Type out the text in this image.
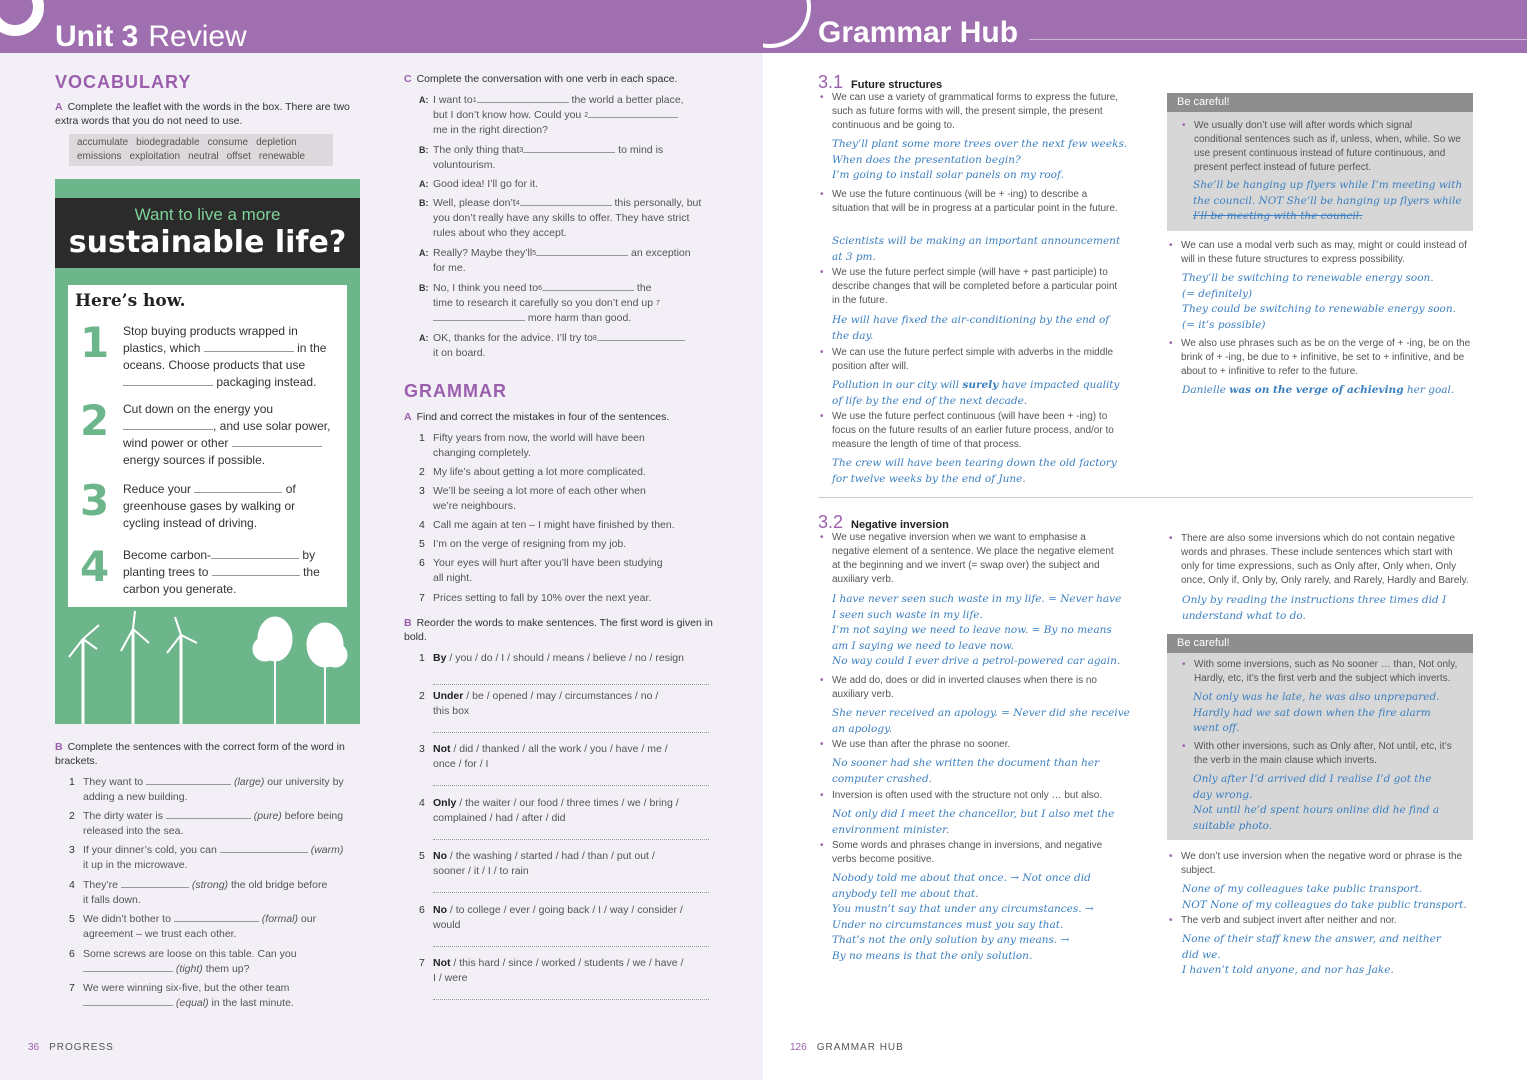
Unit 3 Review
VOCABULARY
A Complete the leaflet with the words in the box. There are two extra words that you do not need to use.
accumulate biodegradable consume depletion
emissions exploitation neutral offset renewable
Want to live a more
sustainable life?
Here’s how.
1 Stop buying products wrapped in
plastics, which	in the
oceans. Choose products that use
packaging instead.
2 Cut down on the energy you
, and use solar power,
wind power or other
energy sources if possible.
3 Reduce your	of
greenhouse gases by walking or
cycling instead of driving.
4 Become carbon-	by
planting trees to	the
carbon you generate.
B Complete the sentences with the correct form of the word in brackets.
C Complete the conversation with one verb in each space.
GRAMMAR
A Find and correct the mistakes in four of the sentences.
B Reorder the words to make sentences. The first word is given in bold.
36 PROGRESS
1 They want to	(large) our university by
adding a new building.
2 The dirty water is	(pure) before being
released into the sea.
3 If your dinner’s cold, you can	(warm)
it up in the microwave.
4 They’re	(strong) the old bridge before
it falls down.
5 We didn’t bother to	(formal) our
agreement – we trust each other.
6 Some screws are loose on this table. Can you
(tight) them up?
7 We were winning six-five, but the other team
(equal) in the last minute.
A: I want $to^1$	the world a better place,
but I don’t know how. Could you $^2$
me in the right direction?
B: The only thing that$^3$	to mind is
voluntourism.
A: Good idea! I’ll go for it.
B: Well, please $don’t^4$	this personally, but
you don’t really have any skills to offer. They have strict
rules about who they accept.
A: Really? Maybe $they’ll^5$	an exception
for me.
B: No, I think you need $to^6$	the
time to research it carefully so you don’t end up $^7$
more harm than good.
A: OK, thanks for the advice. I’ll try $to^8$
it on board.
1 Fifty years from now, the world will have been
changing completely.
2 My life’s about getting a lot more complicated.
3 We’ll be seeing a lot more of each other when
we’re neighbours.
4 Call me again at ten – I might have finished by then.
5 I’m on the verge of resigning from my job.
6 Your eyes will hurt after you’ll have been studying
all night.
7 Prices setting to fall by 10% over the next year.
1 By / you / do / I / should / means / believe / no / resign
2 Under / be / opened / may / circumstances / no /
this box
3 Not / did / thanked / all the work / you / have / me /
once / for / I
4 Only / the waiter / our food / three times / we / bring /
complained / had / after / did
5 No / the washing / started / had / than / put out /
sooner / it / I / to rain
6 No / to college / ever / going back / I / way / consider /
would
7 Not / this hard / since / worked / students / we / have /
I / were
Grammar Hub
3.1 Future structures
• We can use a variety of grammatical forms to express the future, such as future forms with will, the present simple, the present continuous and be going to.
They’ll plant some more trees over the next few weeks.
When does the presentation begin?
I’m going to install solar panels on my roof.
• We use the future continuous (will be + -ing) to describe a situation that will be in progress at a particular point in the future.
Scientists will be making an important announcement
at 3 pm.
• We use the future perfect simple (will have + past participle) to describe changes that will be completed before a particular point in the future.
He will have fixed the air-conditioning by the end of
the day.
• We can use the future perfect simple with adverbs in the middle position after will.
Pollution in our city will surely have impacted quality
of life by the end of the next decade.
• We use the future perfect continuous (will have been + -ing) to focus on the future results of an earlier future process, and/or to measure the length of time of that process.
The crew will have been tearing down the old factory
for twelve weeks by the end of June.
Be careful!
• We usually don’t use will after words which signal conditional sentences such as if, unless, when, while. So we use present continuous instead of future continuous, and present perfect instead of future perfect.
She’ll be hanging up flyers while I’m meeting with
the council. NOT She’ll be hanging up flyers while
I’ll be meeting with the council.
• We can use a modal verb such as may, might or could instead of will in these future structures to express possibility.
They’ll be switching to renewable energy soon.
(= definitely)
They could be switching to renewable energy soon.
(= it’s possible)
• We also use phrases such as be on the verge of + -ing, be on the brink of + -ing, be due to + infinitive, be set to + infinitive, and be about to + infinitive to refer to the future.
Danielle was on the verge of achieving her goal.
3.2 Negative inversion
• We use negative inversion when we want to emphasise a negative element of a sentence. We place the negative element at the beginning and we invert (= swap over) the subject and auxiliary verb.
I have never seen such waste in my life. = Never have
I seen such waste in my life.
I’m not saying we need to leave now. = By no means
am I saying we need to leave now.
No way could I ever drive a petrol-powered car again.
• We add do, does or did in inverted clauses when there is no auxiliary verb.
She never received an apology. = Never did she receive
an apology.
• We use than after the phrase no sooner.
No sooner had she written the document than her
computer crashed.
• Inversion is often used with the structure not only … but also.
Not only did I meet the chancellor, but I also met the
environment minister.
• Some words and phrases change in inversions, and negative verbs become positive.
Nobody told me about that once. → Not once did
anybody tell me about that.
You mustn’t say that under any circumstances. →
Under no circumstances must you say that.
That’s not the only solution by any means. →
By no means is that the only solution.
• There are also some inversions which do not contain negative words and phrases. These include sentences which start with only for time expressions, such as Only after, Only when, Only once, Only if, Only by, Only rarely, and Rarely, Hardly and Barely.
Only by reading the instructions three times did I
understand what to do.
Be careful!
• With some inversions, such as No sooner … than, Not only, Hardly, etc, it’s the first verb and the subject which inverts.
Not only was he late, he was also unprepared.
Hardly had we sat down when the fire alarm
went off.
• With other inversions, such as Only after, Not until, etc, it’s the verb in the main clause which inverts.
Only after I’d arrived did I realise I’d got the
day wrong.
Not until he’d spent hours online did he find a
suitable photo.
• We don’t use inversion when the negative word or phrase is the subject.
None of my colleagues take public transport.
NOT None of my colleagues do take public transport.
• The verb and subject invert after neither and nor.
None of their staff knew the answer, and neither
did we.
I haven’t told anyone, and nor has Jake.
126 GRAMMAR HUB
